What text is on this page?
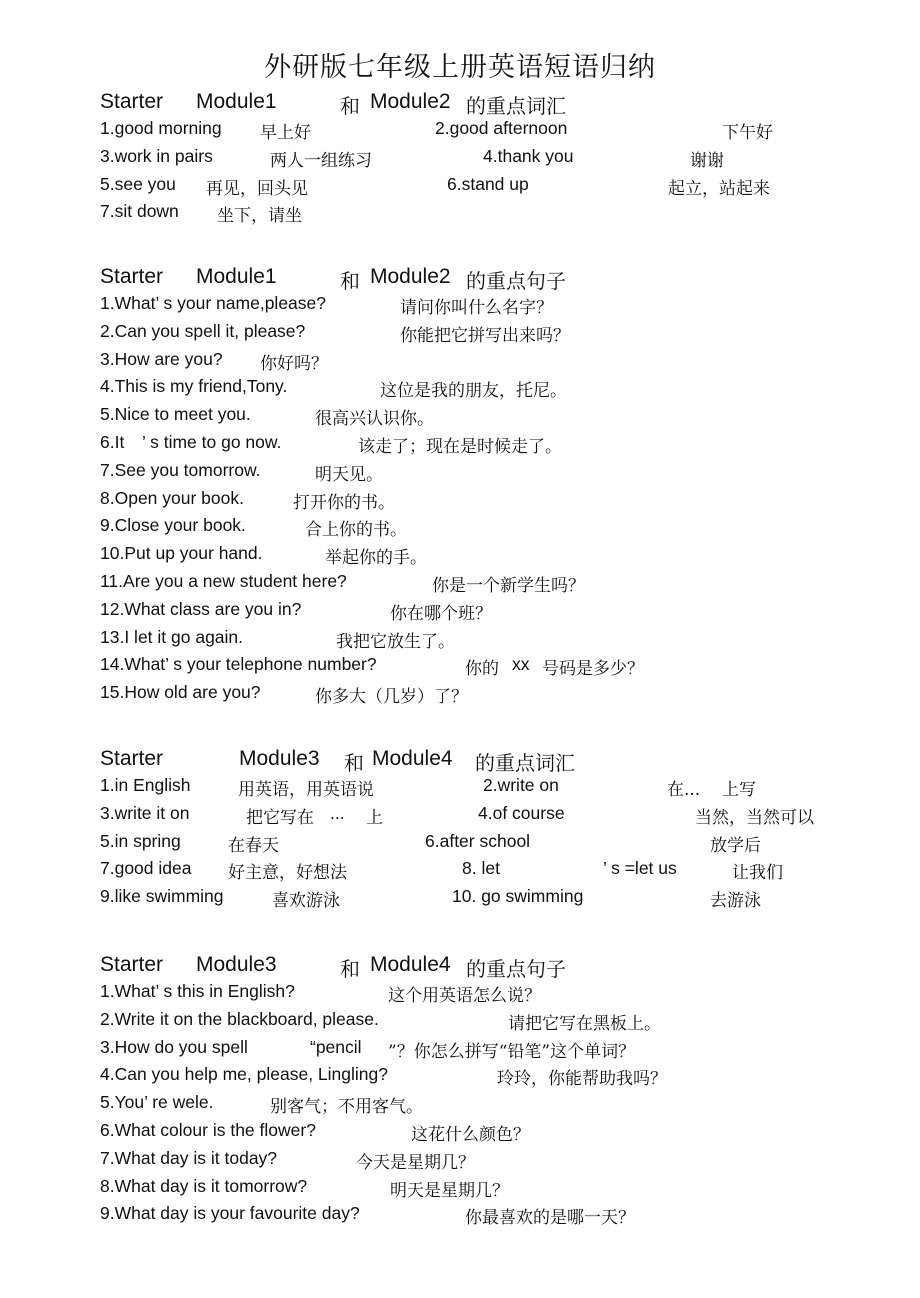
外研版七年级上册英语短语归纳
Starter Module1	和 Module2 的重点词汇
1.good morning 早上好	2.good afternoon	下午好
3.work in pairs	两人一组练习	4.thank you	谢谢
5.see you 再见，回头见	6.stand up	起立，站起来
7.sit down 坐下，请坐
Starter Module1	和 Module2 的重点句子
1.What’ s your name,please?	请问你叫什么名字？
2.Can you spell it, please?	你能把它拼写出来吗？
3.How are you? 你好吗？
4.This is my friend,Tony.	这位是我的朋友，托尼。
5.Nice to meet you.	很高兴认识你。
6.It ’ s time to go now.	该走了；现在是时候走了。
7.See you tomorrow.	明天见。
8.Open your book.	打开你的书。
9.Close your book.	合上你的书。
10.Put up your hand.	举起你的手。
11.Are you a new student here?	你是一个新学生吗？
12.What class are you in?	你在哪个班？
13.I let it go again.	我把它放生了。
14.What’ s your telephone number?	你的 xx 号码是多少？
15.How old are you?	你多大（几岁）了？
Starter	Module3 和 Module4 的重点词汇
1.in English	用英语，用英语说	2.write on	在... 上写
3.write it on	把它写在 ... 上	4.of course	当然，当然可以
5.in spring	在春天	6.after school	放学后
7.good idea 好主意，好想法	8. let	’ s =let us	让我们
9.like swimming	喜欢游泳	10. go swimming	去游泳
Starter Module3	和 Module4 的重点句子
1.What’ s this in English?	这个用英语怎么说？
2.Write it on the blackboard, please.	请把它写在黑板上。
3.How do you spell	“pencil ”？你怎么拼写“铅笔”这个单词？
4.Can you help me, please, Lingling?	玲玲，你能帮助我吗？
5.You’ re wele.	别客气；不用客气。
6.What colour is the flower?	这花什么颜色？
7.What day is it today?	今天是星期几？
8.What day is it tomorrow?	明天是星期几？
9.What day is your favourite day?	你最喜欢的是哪一天？
